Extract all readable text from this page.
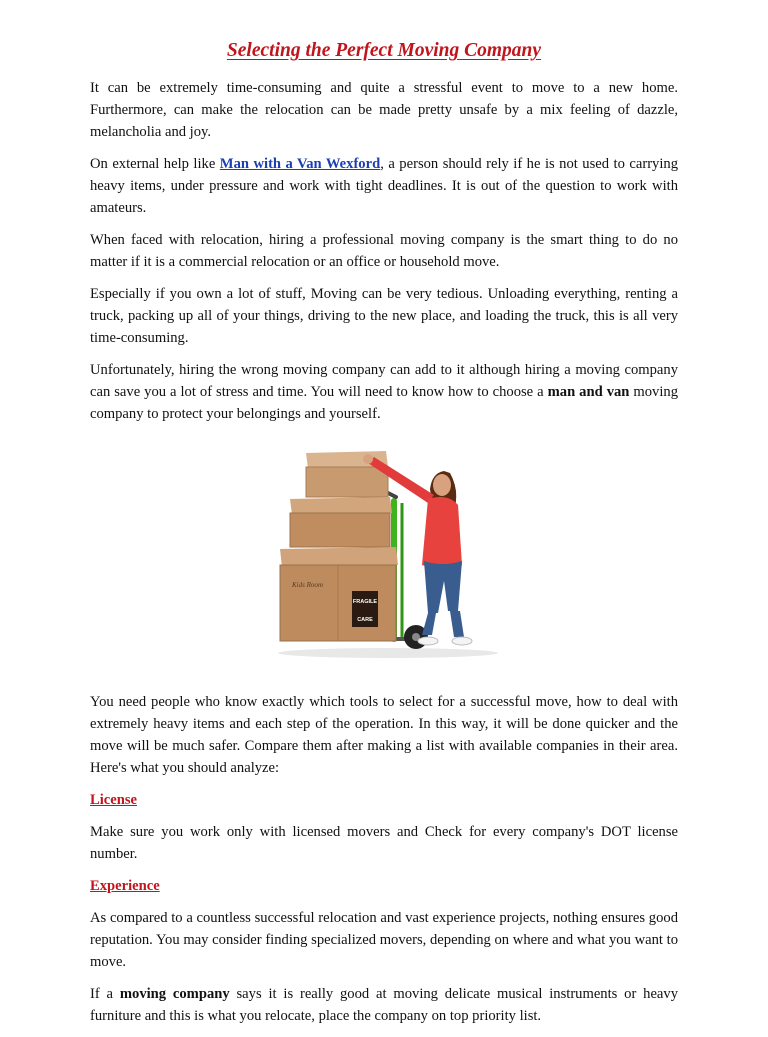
Selecting the Perfect Moving Company

It can be extremely time-consuming and quite a stressful event to move to a new home. Furthermore, can make the relocation can be made pretty unsafe by a mix feeling of dazzle, melancholia and joy.

On external help like Man with a Van Wexford, a person should rely if he is not used to carrying heavy items, under pressure and work with tight deadlines. It is out of the question to work with amateurs.

When faced with relocation, hiring a professional moving company is the smart thing to do no matter if it is a commercial relocation or an office or household move.

Especially if you own a lot of stuff, Moving can be very tedious. Unloading everything, renting a truck, packing up all of your things, driving to the new place, and loading the truck, this is all very time-consuming.

Unfortunately, hiring the wrong moving company can add to it although hiring a moving company can save you a lot of stress and time. You will need to know how to choose a man and van moving company to protect your belongings and yourself.

Kids Room
FRAGILE
CARE

You need people who know exactly which tools to select for a successful move, how to deal with extremely heavy items and each step of the operation. In this way, it will be done quicker and the move will be much safer. Compare them after making a list with available companies in their area. Here's what you should analyze:

License

Make sure you work only with licensed movers and Check for every company's DOT license number.

Experience

As compared to a countless successful relocation and vast experience projects, nothing ensures good reputation. You may consider finding specialized movers, depending on where and what you want to move.

If a moving company says it is really good at moving delicate musical instruments or heavy furniture and this is what you relocate, place the company on top priority list.
